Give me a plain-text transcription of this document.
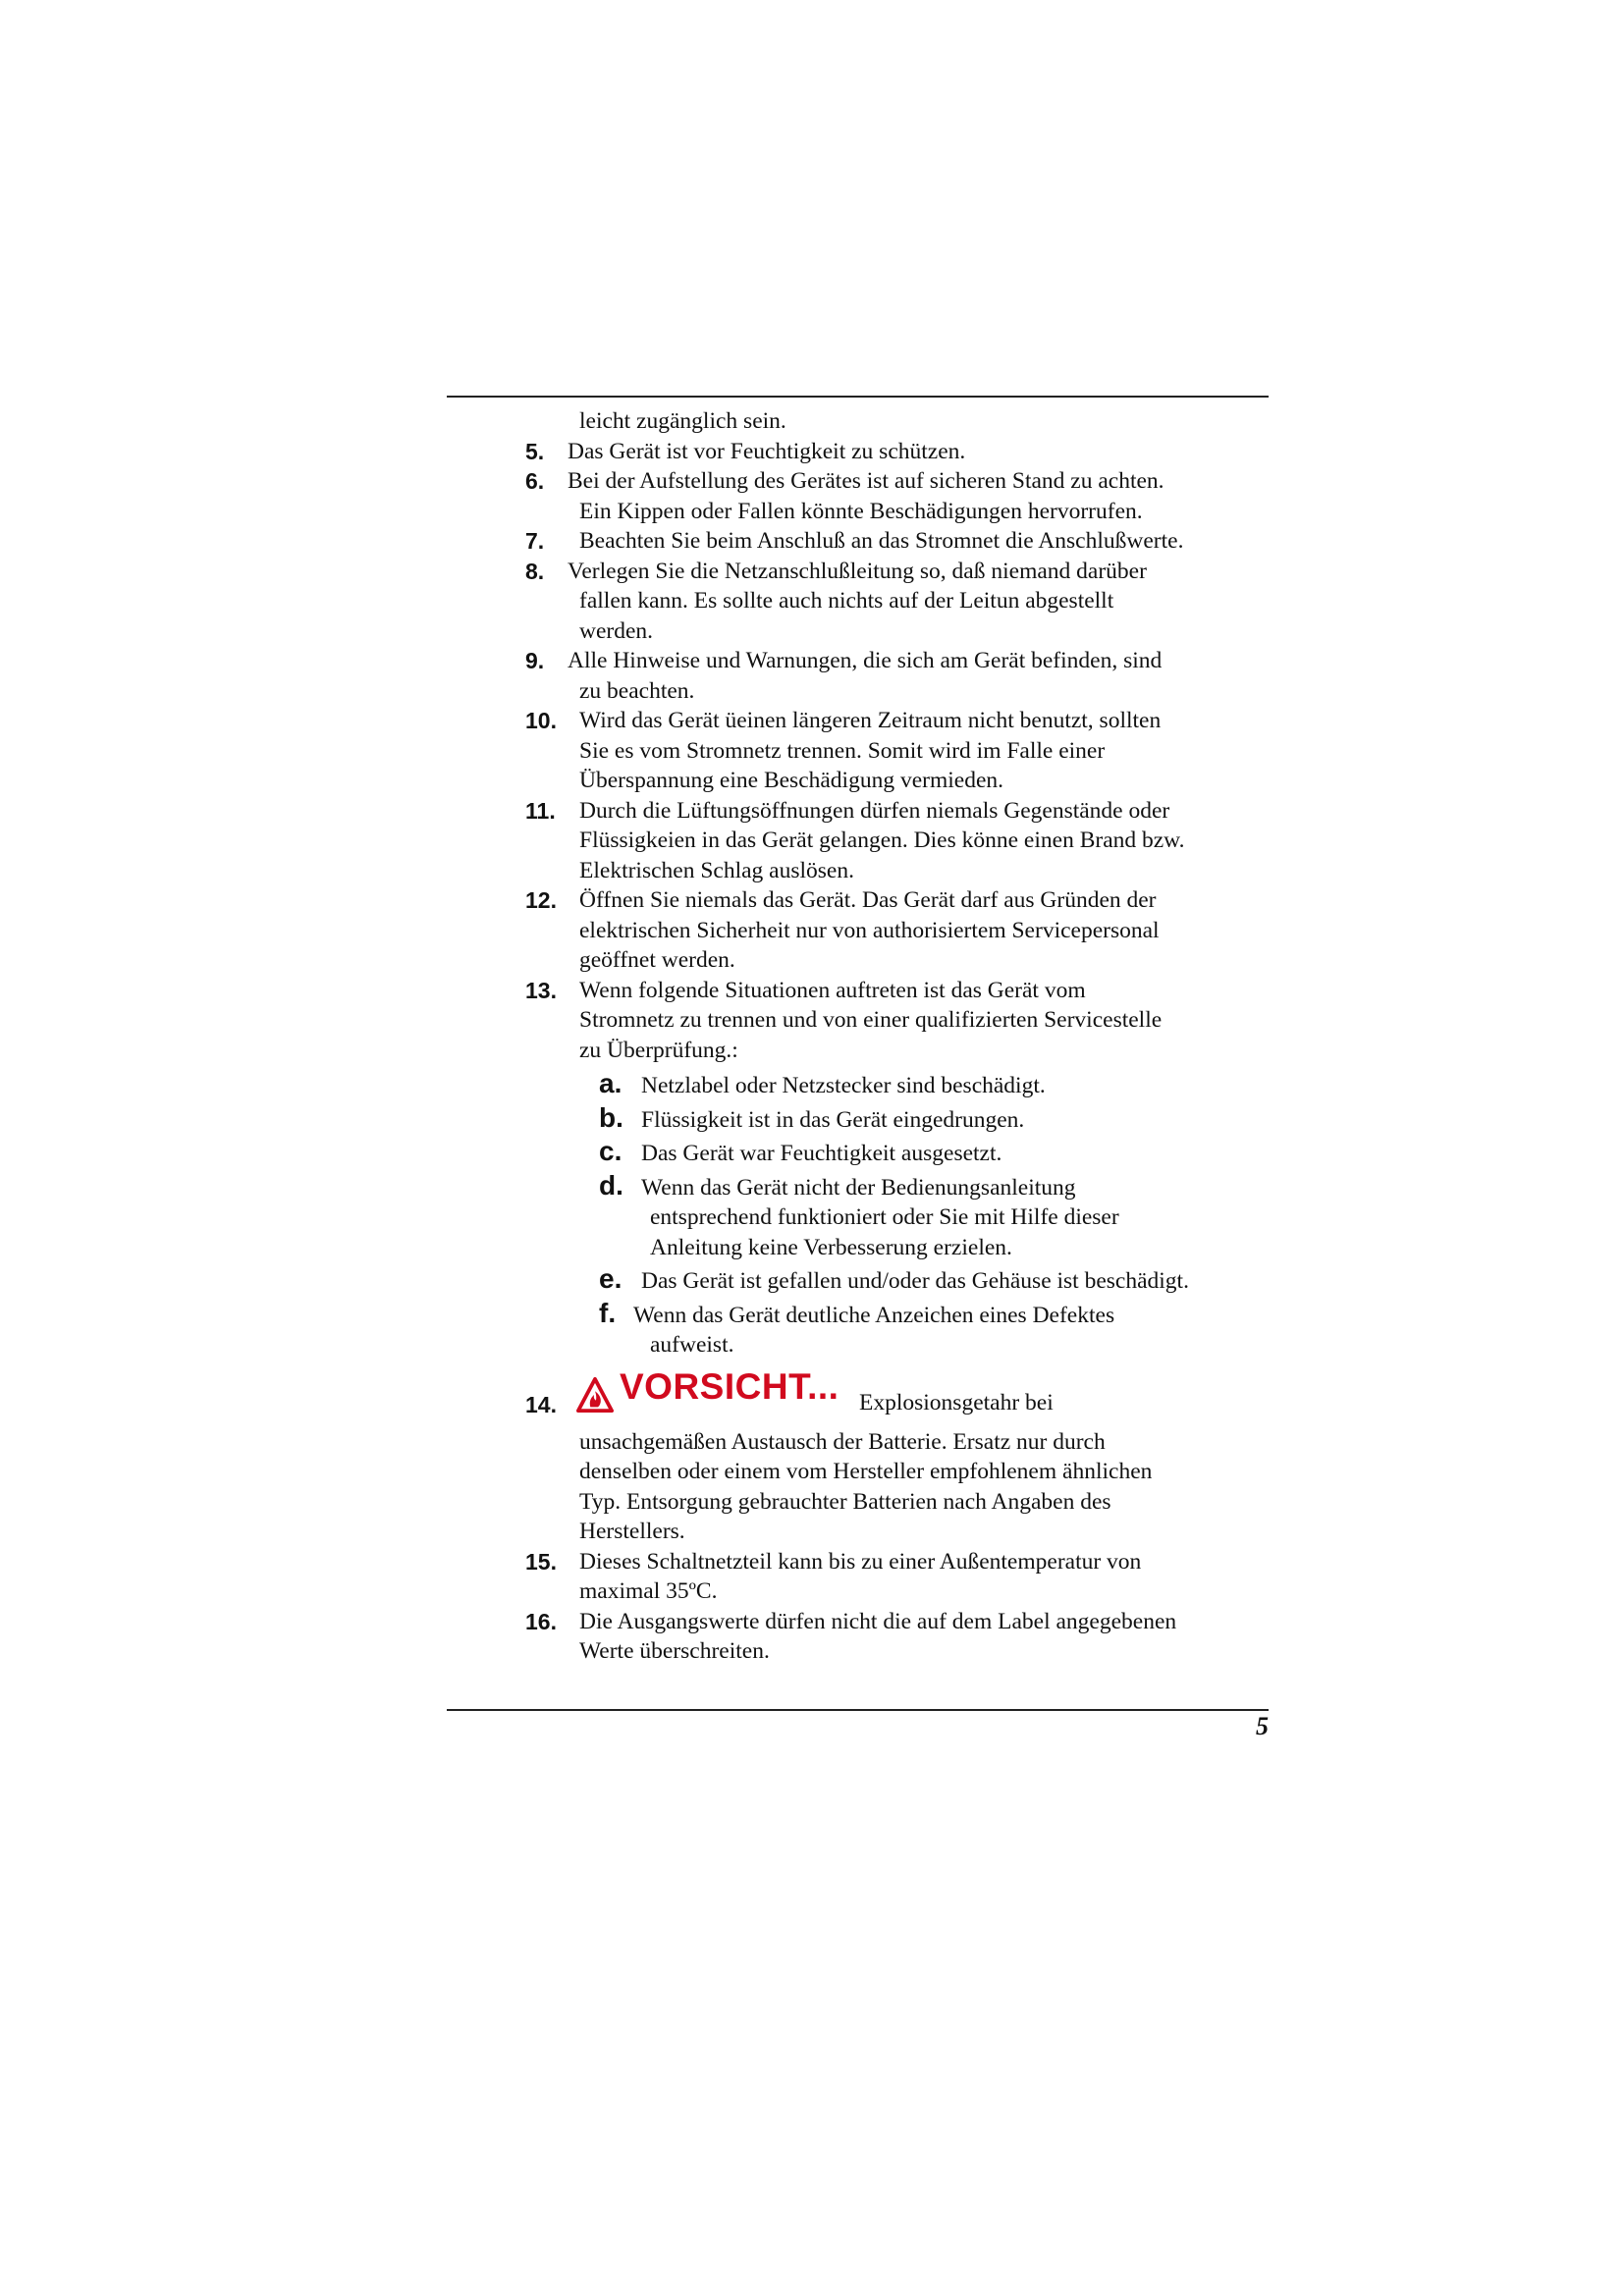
leicht zugänglich sein.
5.	Das Gerät ist vor Feuchtigkeit zu schützen.
6.	Bei der Aufstellung des Gerätes ist auf sicheren Stand zu achten.
Ein Kippen oder Fallen könnte Beschädigungen hervorrufen.
7.	Beachten Sie beim Anschluß an das Stromnet die Anschlußwerte.
8.	Verlegen Sie die Netzanschlußleitung so, daß niemand darüber
fallen kann. Es sollte auch nichts auf der Leitun abgestellt
werden.
9.	Alle Hinweise und Warnungen, die sich am Gerät befinden, sind
zu beachten.
10. Wird das Gerät üeinen längeren Zeitraum nicht benutzt, sollten
Sie es vom Stromnetz trennen. Somit wird im Falle einer
Überspannung eine Beschädigung vermieden.
11.	Durch die Lüftungsöffnungen dürfen niemals Gegenstände oder
Flüssigkeien in das Gerät gelangen. Dies könne einen Brand bzw.
Elektrischen Schlag auslösen.
12. Öffnen Sie niemals das Gerät. Das Gerät darf aus Gründen der
elektrischen Sicherheit nur von authorisiertem Servicepersonal
geöffnet werden.
13. Wenn folgende Situationen auftreten ist das Gerät vom
Stromnetz zu trennen und von einer qualifizierten Servicestelle
zu Überprüfung.:
a. Netzlabel oder Netzstecker sind beschädigt.
b. Flüssigkeit ist in das Gerät eingedrungen.
c. Das Gerät war Feuchtigkeit ausgesetzt.
d. Wenn das Gerät nicht der Bedienungsanleitung
entsprechend funktioniert oder Sie mit Hilfe dieser
Anleitung keine Verbesserung erzielen.
e. Das Gerät ist gefallen und/oder das Gehäuse ist beschädigt.
f. Wenn das Gerät deutliche Anzeichen eines Defektes
aufweist.
14. VORSICHT... Explosionsgetahr bei
unsachgemäßen Austausch der Batterie. Ersatz nur durch
denselben oder einem vom Hersteller empfohlenem ähnlichen
Typ. Entsorgung gebrauchter Batterien nach Angaben des
Herstellers.
15. Dieses Schaltnetzteil kann bis zu einer Außentemperatur von
maximal 35ºC.
16. Die Ausgangswerte dürfen nicht die auf dem Label angegebenen
Werte überschreiten.
5
